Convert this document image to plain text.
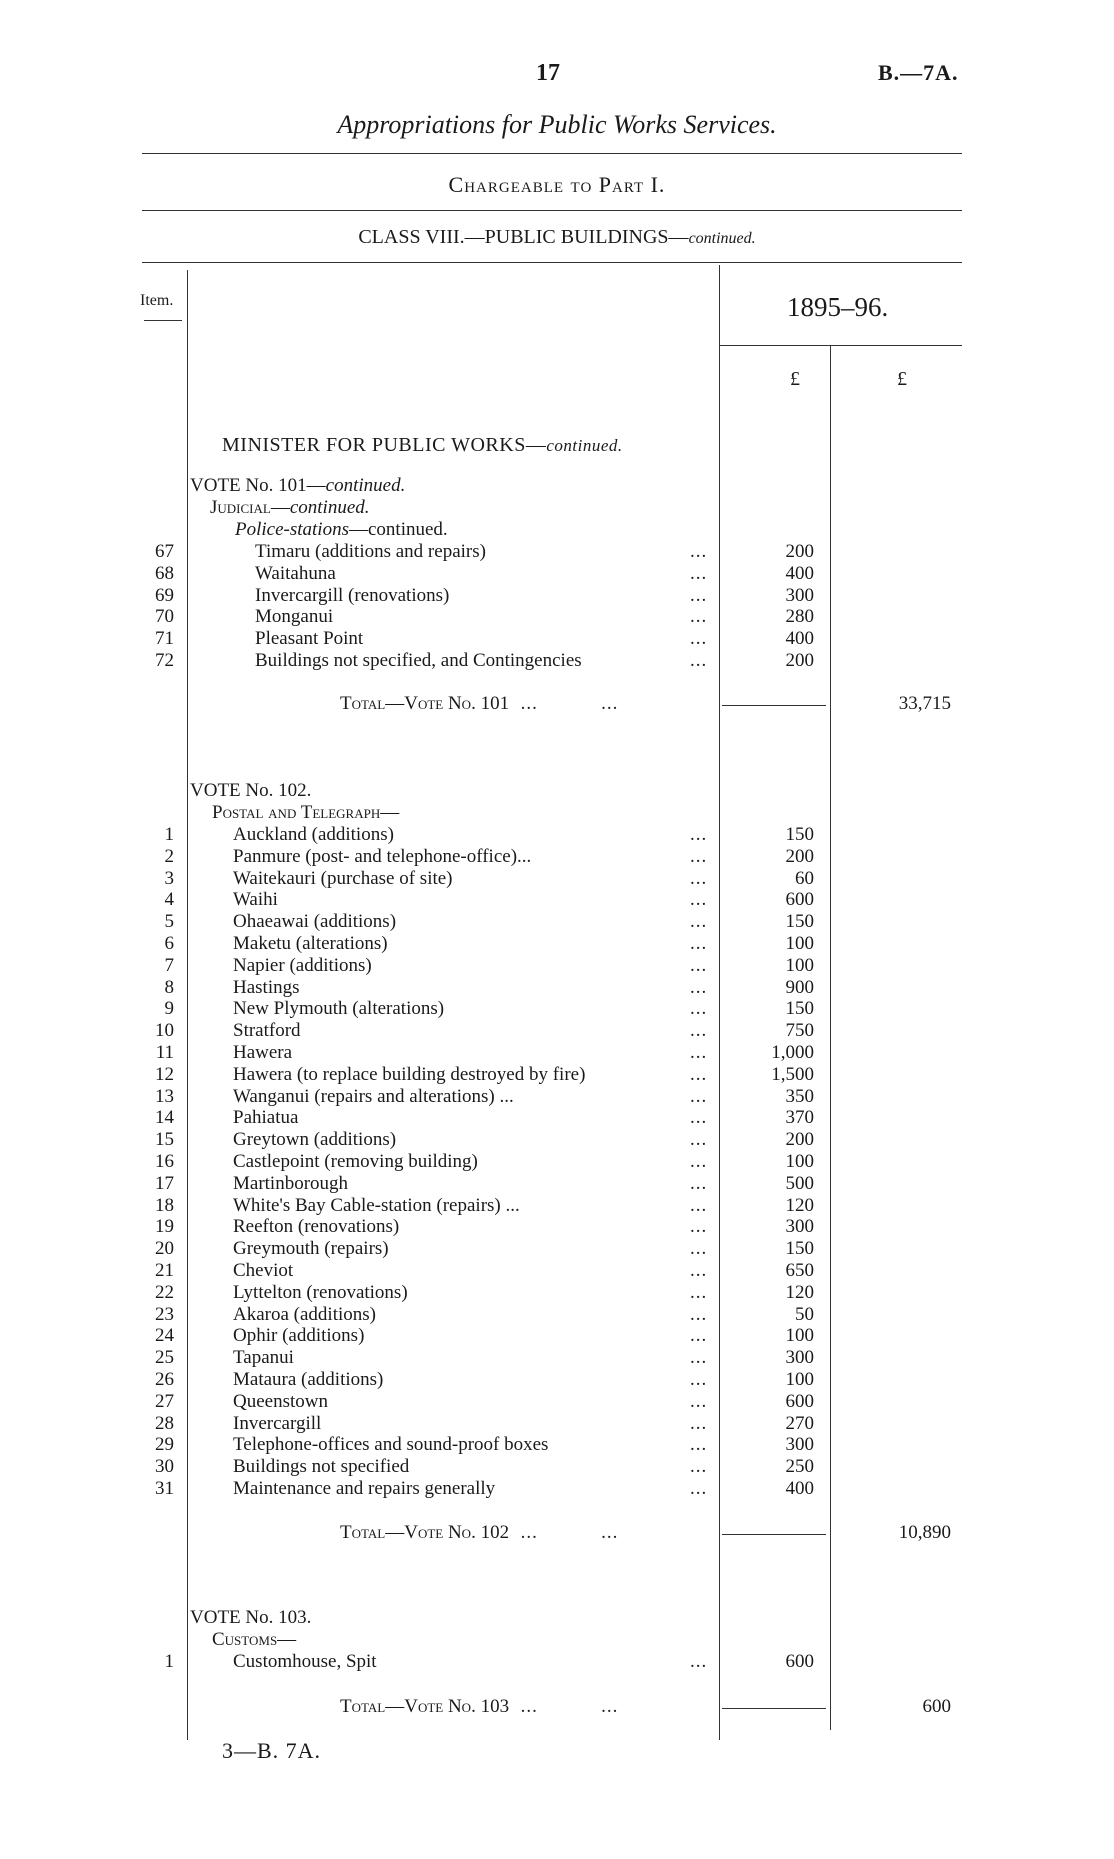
17	B.—7A.
Appropriations for Public Works Services.
Chargeable to Part I.
CLASS VIII.—PUBLIC BUILDINGS—continued.
Item.	1895–96.
£	£
MINISTER FOR PUBLIC WORKS—continued.
VOTE No. 101—continued.
Judicial—continued.
Police-stations—continued.
67	Timaru (additions and repairs)	...	200
68	Waitahuna	...	400
69	Invercargill (renovations)	...	300
70	Monganui	...	280
71	Pleasant Point	...	400
72	Buildings not specified, and Contingencies	...	200
Total—Vote No. 101  ...           ...	33,715
VOTE No. 102.
Postal and Telegraph—
1	Auckland (additions)	...	150
2	Panmure (post- and telephone-office)...	...	200
3	Waitekauri (purchase of site)	...	60
4	Waihi	...	600
5	Ohaeawai (additions)	...	150
6	Maketu (alterations)	...	100
7	Napier (additions)	...	100
8	Hastings	...	900
9	New Plymouth (alterations)	...	150
10	Stratford	...	750
11	Hawera	...	1,000
12	Hawera (to replace building destroyed by fire)	...	1,500
13	Wanganui (repairs and alterations) ...	...	350
14	Pahiatua	...	370
15	Greytown (additions)	...	200
16	Castlepoint (removing building)	...	100
17	Martinborough	...	500
18	White's Bay Cable-station (repairs) ...	...	120
19	Reefton (renovations)	...	300
20	Greymouth (repairs)	...	150
21	Cheviot	...	650
22	Lyttelton (renovations)	...	120
23	Akaroa (additions)	...	50
24	Ophir (additions)	...	100
25	Tapanui	...	300
26	Mataura (additions)	...	100
27	Queenstown	...	600
28	Invercargill	...	270
29	Telephone-offices and sound-proof boxes	...	300
30	Buildings not specified	...	250
31	Maintenance and repairs generally	...	400
Total—Vote No. 102  ...           ...	10,890
VOTE No. 103.
Customs—
1	Customhouse, Spit	...	600
Total—Vote No. 103  ...           ...	600
3—B. 7A.
